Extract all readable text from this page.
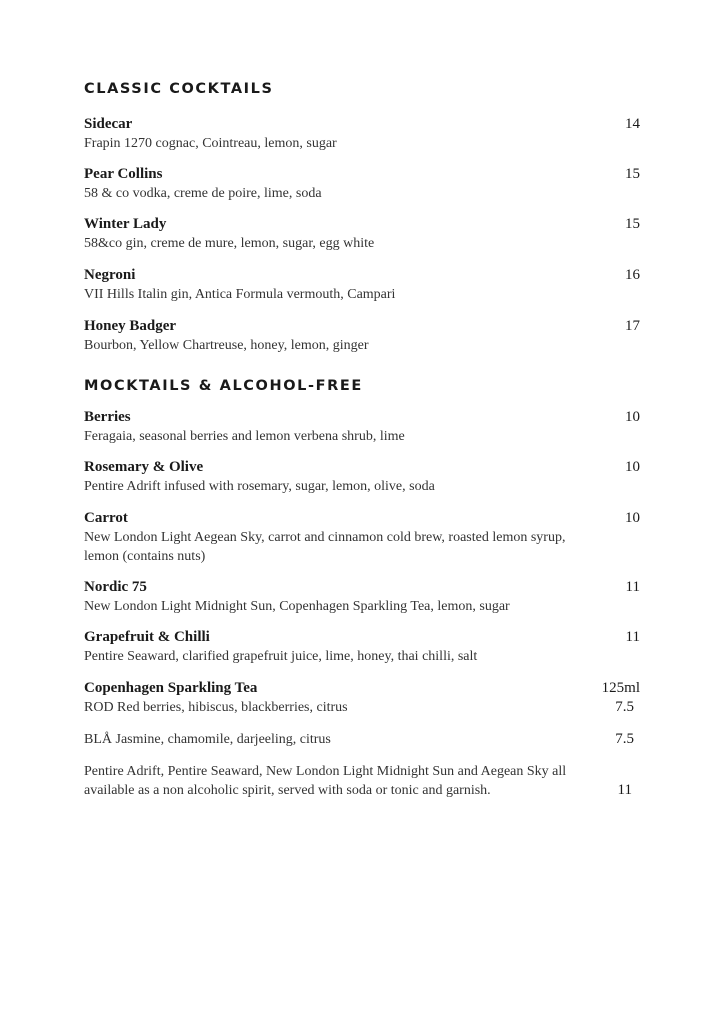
CLASSIC COCKTAILS
Sidecar	14
Frapin 1270 cognac, Cointreau, lemon, sugar
Pear Collins	15
58 & co vodka, creme de poire, lime, soda
Winter Lady	15
58&co gin, creme de mure, lemon, sugar, egg white
Negroni	16
VII Hills Italin gin, Antica Formula vermouth, Campari
Honey Badger	17
Bourbon, Yellow Chartreuse, honey, lemon, ginger
MOCKTAILS & ALCOHOL-FREE
Berries	10
Feragaia, seasonal berries and lemon verbena shrub, lime
Rosemary & Olive	10
Pentire Adrift infused with rosemary, sugar, lemon, olive, soda
Carrot	10
New London Light Aegean Sky, carrot and cinnamon cold brew, roasted lemon syrup, lemon (contains nuts)
Nordic 75	11
New London Light Midnight Sun, Copenhagen Sparkling Tea, lemon, sugar
Grapefruit & Chilli	11
Pentire Seaward, clarified grapefruit juice, lime, honey, thai chilli, salt
Copenhagen Sparkling Tea	125ml
ROD Red berries, hibiscus, blackberries, citrus	7.5
BLÅ Jasmine, chamomile, darjeeling, citrus	7.5
Pentire Adrift, Pentire Seaward, New London Light Midnight Sun and Aegean Sky all available as a non alcoholic spirit, served with soda or tonic and garnish.	11
